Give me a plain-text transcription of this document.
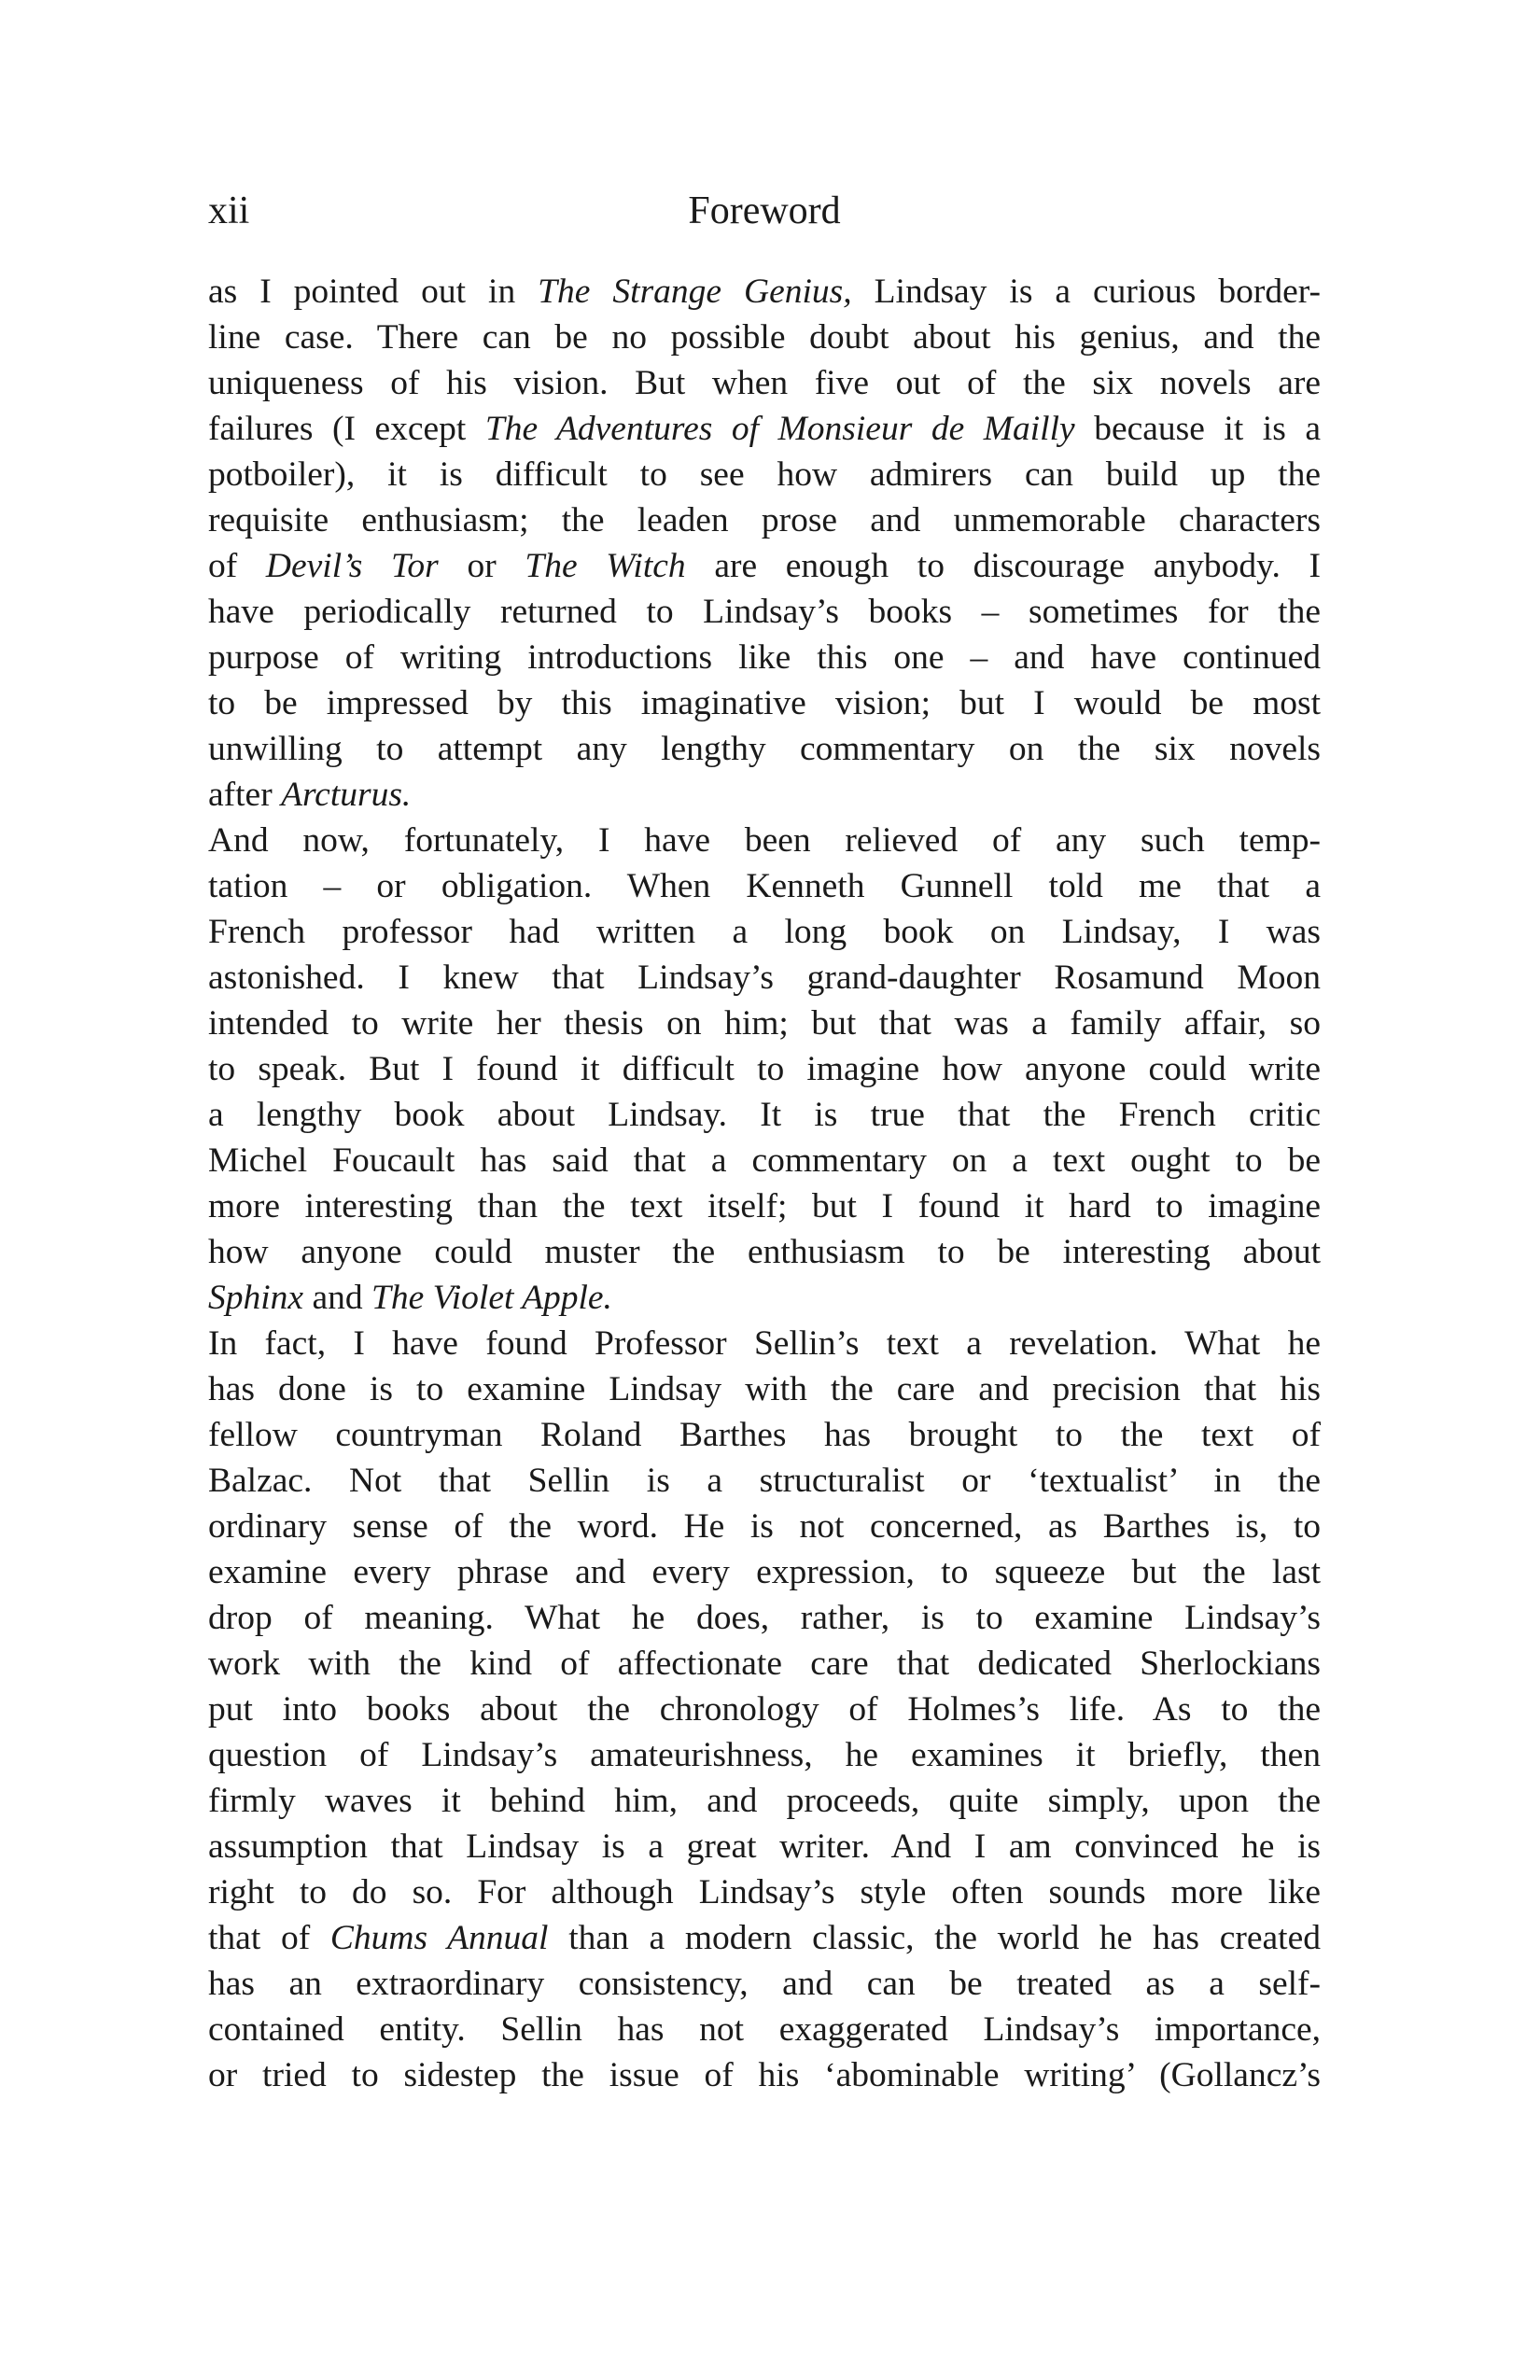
xii	Foreword
as I pointed out in The Strange Genius, Lindsay is a curious border-
line case. There can be no possible doubt about his genius, and the
uniqueness of his vision. But when five out of the six novels are
failures (I except The Adventures of Monsieur de Mailly because it is a
potboiler), it is difficult to see how admirers can build up the
requisite enthusiasm; the leaden prose and unmemorable characters
of Devil’s Tor or The Witch are enough to discourage anybody. I
have periodically returned to Lindsay’s books – sometimes for the
purpose of writing introductions like this one – and have continued
to be impressed by this imaginative vision; but I would be most
unwilling to attempt any lengthy commentary on the six novels
after Arcturus.
And now, fortunately, I have been relieved of any such temp-
tation – or obligation. When Kenneth Gunnell told me that a
French professor had written a long book on Lindsay, I was
astonished. I knew that Lindsay’s grand-daughter Rosamund Moon
intended to write her thesis on him; but that was a family affair, so
to speak. But I found it difficult to imagine how anyone could write
a lengthy book about Lindsay. It is true that the French critic
Michel Foucault has said that a commentary on a text ought to be
more interesting than the text itself; but I found it hard to imagine
how anyone could muster the enthusiasm to be interesting about
Sphinx and The Violet Apple.
In fact, I have found Professor Sellin’s text a revelation. What he
has done is to examine Lindsay with the care and precision that his
fellow countryman Roland Barthes has brought to the text of
Balzac. Not that Sellin is a structuralist or ‘textualist’ in the
ordinary sense of the word. He is not concerned, as Barthes is, to
examine every phrase and every expression, to squeeze but the last
drop of meaning. What he does, rather, is to examine Lindsay’s
work with the kind of affectionate care that dedicated Sherlockians
put into books about the chronology of Holmes’s life. As to the
question of Lindsay’s amateurishness, he examines it briefly, then
firmly waves it behind him, and proceeds, quite simply, upon the
assumption that Lindsay is a great writer. And I am convinced he is
right to do so. For although Lindsay’s style often sounds more like
that of Chums Annual than a modern classic, the world he has created
has an extraordinary consistency, and can be treated as a self-
contained entity. Sellin has not exaggerated Lindsay’s importance,
or tried to sidestep the issue of his ‘abominable writing’ (Gollancz’s
